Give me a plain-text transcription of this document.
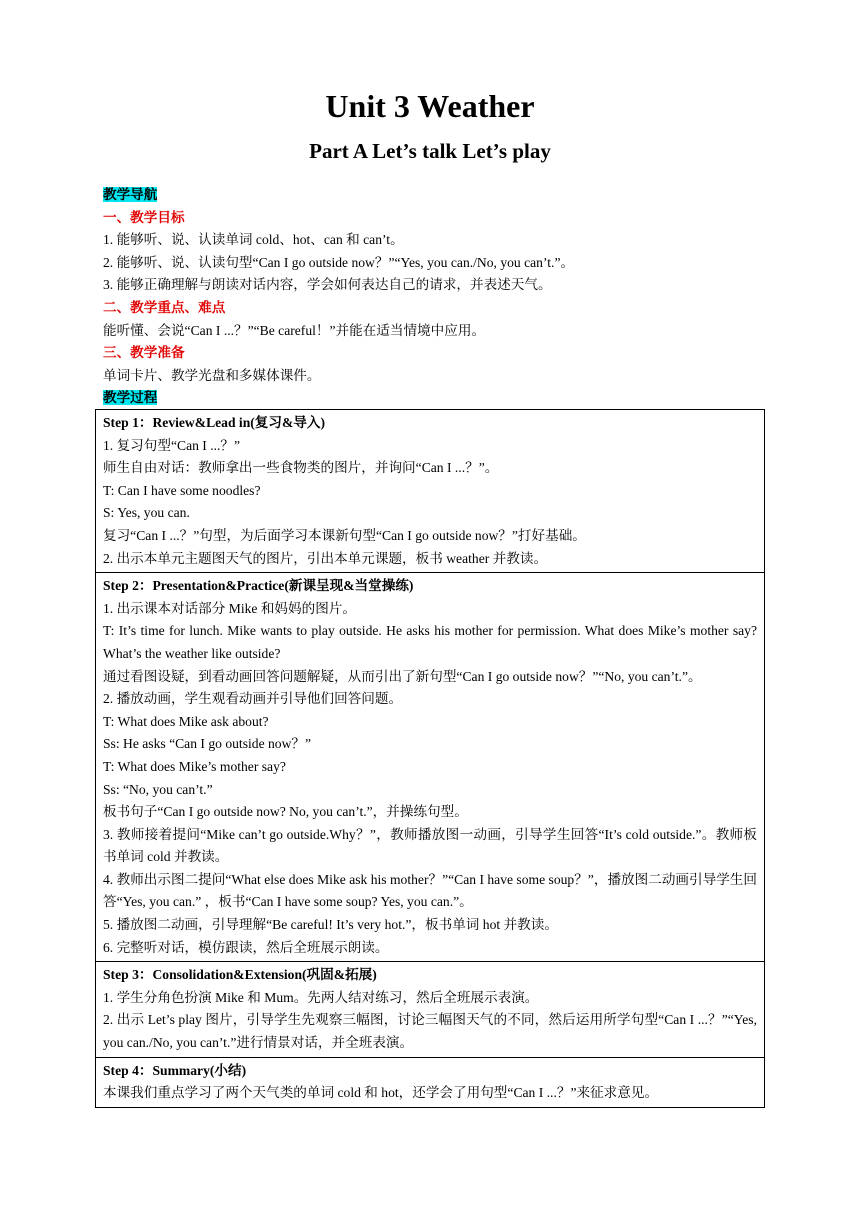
Unit 3 Weather
Part A Let’s talk Let’s play
教学导航
一、教学目标
1. 能够听、说、认读单词 cold、hot、can 和 can’t。
2. 能够听、说、认读句型“Can I go outside now？”“Yes, you can./No, you can’t.”。
3. 能够正确理解与朗读对话内容，学会如何表达自己的请求，并表述天气。
二、教学重点、难点
能听懂、会说“Can I ...？”“Be careful！”并能在适当情境中应用。
三、教学准备
单词卡片、教学光盘和多媒体课件。
教学过程
Step 1：Review&Lead in(复习&导入)
1. 复习句型“Can I ...？”
师生自由对话：教师拿出一些食物类的图片，并询问“Can I ...？”。
T: Can I have some noodles?
S: Yes, you can.
复习“Can I ...？”句型，为后面学习本课新句型“Can I go outside now？”打好基础。
2. 出示本单元主题图天气的图片，引出本单元课题，板书 weather 并教读。

Step 2：Presentation&Practice(新课呈现&当堂操练)
1. 出示课本对话部分 Mike 和妈妈的图片。
T: It’s time for lunch. Mike wants to play outside. He asks his mother for permission. What does Mike’s mother say? What’s the weather like outside?
通过看图设疑，到看动画回答问题解疑，从而引出了新句型“Can I go outside now？”“No, you can’t.”。
2. 播放动画，学生观看动画并引导他们回答问题。
T: What does Mike ask about?
Ss: He asks “Can I go outside now？”
T: What does Mike’s mother say?
Ss: “No, you can’t.”
板书句子“Can I go outside now? No, you can’t.”，并操练句型。
3. 教师接着提问“Mike can’t go outside.Why？”，教师播放图一动画，引导学生回答“It’s cold outside.”。教师板书单词 cold 并教读。
4. 教师出示图二提问“What else does Mike ask his mother？”“Can I have some soup？”，播放图二动画引导学生回答“Yes, you can.” ，板书“Can I have some soup? Yes, you can.”。
5. 播放图二动画，引导理解“Be careful! It’s very hot.”，板书单词 hot 并教读。
6. 完整听对话，模仿跟读，然后全班展示朗读。

Step 3：Consolidation&Extension(巩固&拓展)
1. 学生分角色扮演 Mike 和 Mum。先两人结对练习，然后全班展示表演。
2. 出示 Let’s play 图片，引导学生先观察三幅图，讨论三幅图天气的不同，然后运用所学句型“Can I ...？”“Yes, you can./No, you can’t.”进行情景对话，并全班表演。

Step 4：Summary(小结)
本课我们重点学习了两个天气类的单词 cold 和 hot，还学会了用句型“Can I ...？”来征求意见。
